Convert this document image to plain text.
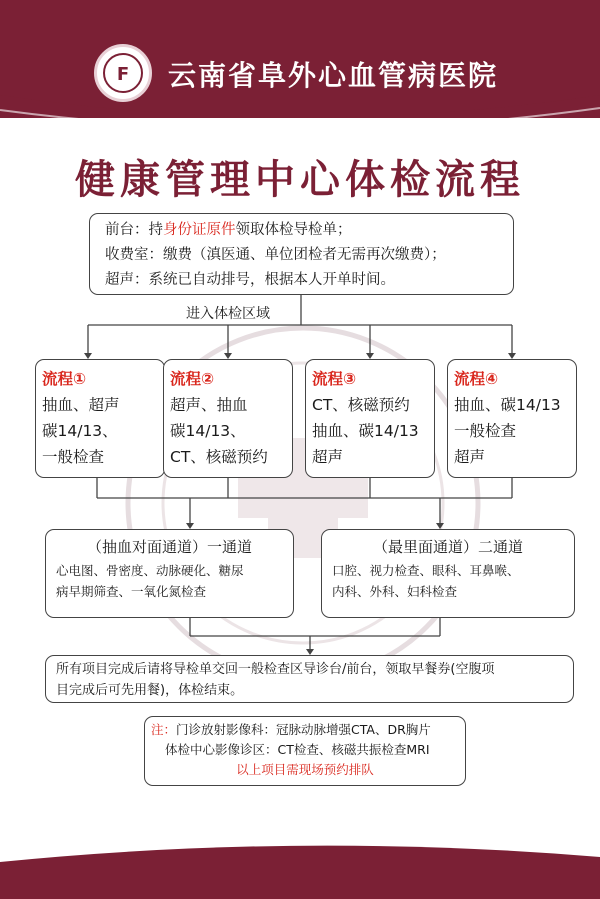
F 云南省阜外心血管病医院
健康管理中心体检流程
前台：持身份证原件领取体检导检单；
收费室：缴费（滇医通、单位团检者无需再次缴费）；
超声：系统已自动排号，根据本人开单时间。
进入体检区域
流程①
抽血、超声
碳14/13、
一般检查
流程②
超声、抽血
碳14/13、
CT、核磁预约
流程③
CT、核磁预约
抽血、碳14/13
超声
流程④
抽血、碳14/13
一般检查
超声
（抽血对面通道）一通道
心电图、骨密度、动脉硬化、糖尿
病早期筛查、一氧化氮检查
（最里面通道）二通道
口腔、视力检查、眼科、耳鼻喉、
内科、外科、妇科检查
所有项目完成后请将导检单交回一般检查区导诊台/前台，领取早餐券(空腹项
目完成后可先用餐)，体检结束。
注：门诊放射影像科：冠脉动脉增强CTA、DR胸片
体检中心影像诊区：CT检查、核磁共振检查MRI
以上项目需现场预约排队
